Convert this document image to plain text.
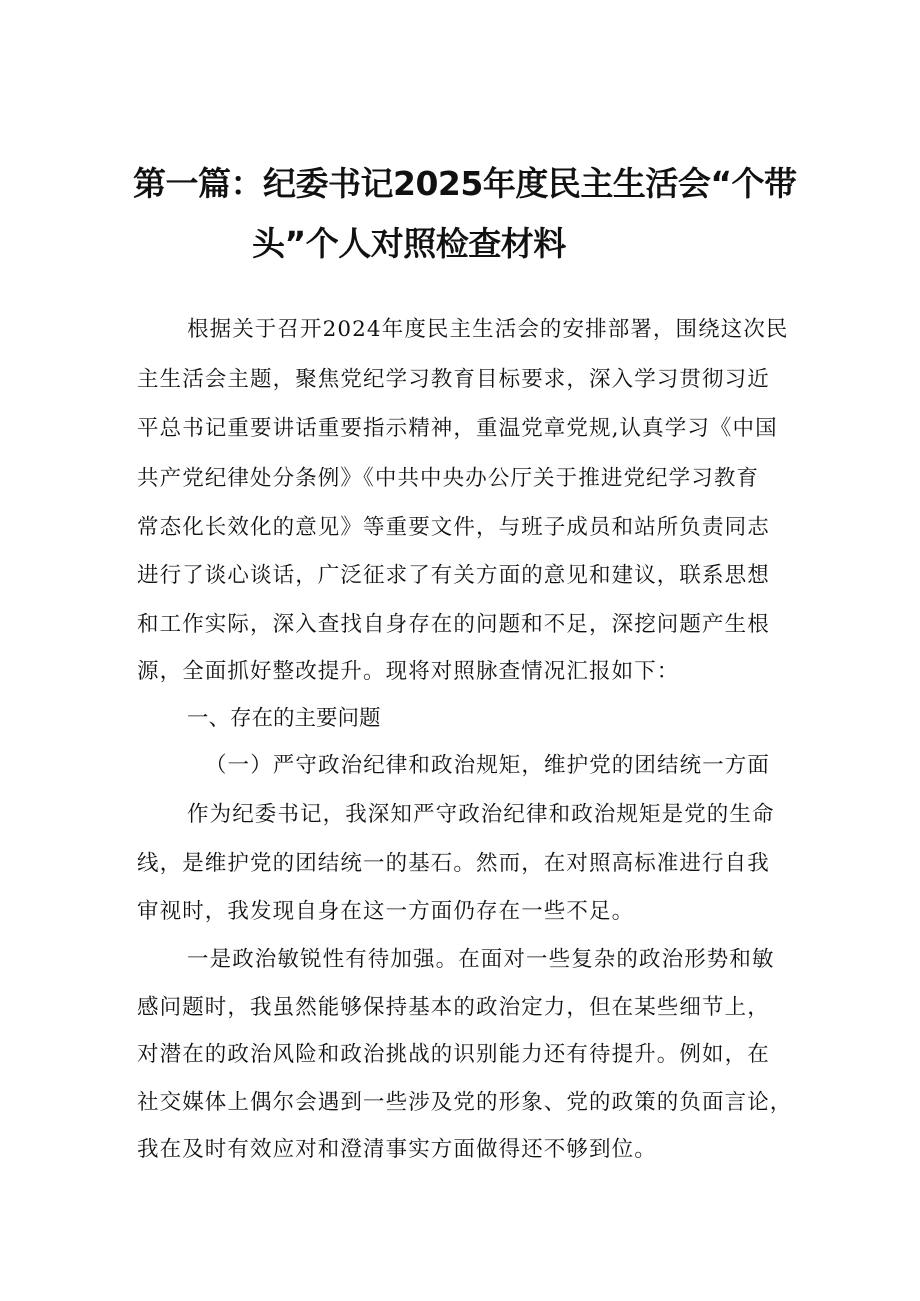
第一篇：纪委书记2025年度民主生活会“个带
头”个人对照检查材料
根据关于召开2024年度民主生活会的安排部署，围绕这次民
主生活会主题，聚焦党纪学习教育目标要求，深入学习贯彻习近
平总书记重要讲话重要指示精神，重温党章党规,认真学习《中国
共产党纪律处分条例》《中共中央办公厅关于推进党纪学习教育
常态化长效化的意见》等重要文件，与班子成员和站所负责同志
进行了谈心谈话，广泛征求了有关方面的意见和建议，联系思想
和工作实际，深入查找自身存在的问题和不足，深挖问题产生根
源，全面抓好整改提升。现将对照脉查情况汇报如下：
一、存在的主要问题
（一）严守政治纪律和政治规矩，维护党的团结统一方面
作为纪委书记，我深知严守政治纪律和政治规矩是党的生命
线，是维护党的团结统一的基石。然而，在对照高标准进行自我
审视时，我发现自身在这一方面仍存在一些不足。
一是政治敏锐性有待加强。在面对一些复杂的政治形势和敏
感问题时，我虽然能够保持基本的政治定力，但在某些细节上，
对潜在的政治风险和政治挑战的识别能力还有待提升。例如，在
社交媒体上偶尔会遇到一些涉及党的形象、党的政策的负面言论，
我在及时有效应对和澄清事实方面做得还不够到位。
